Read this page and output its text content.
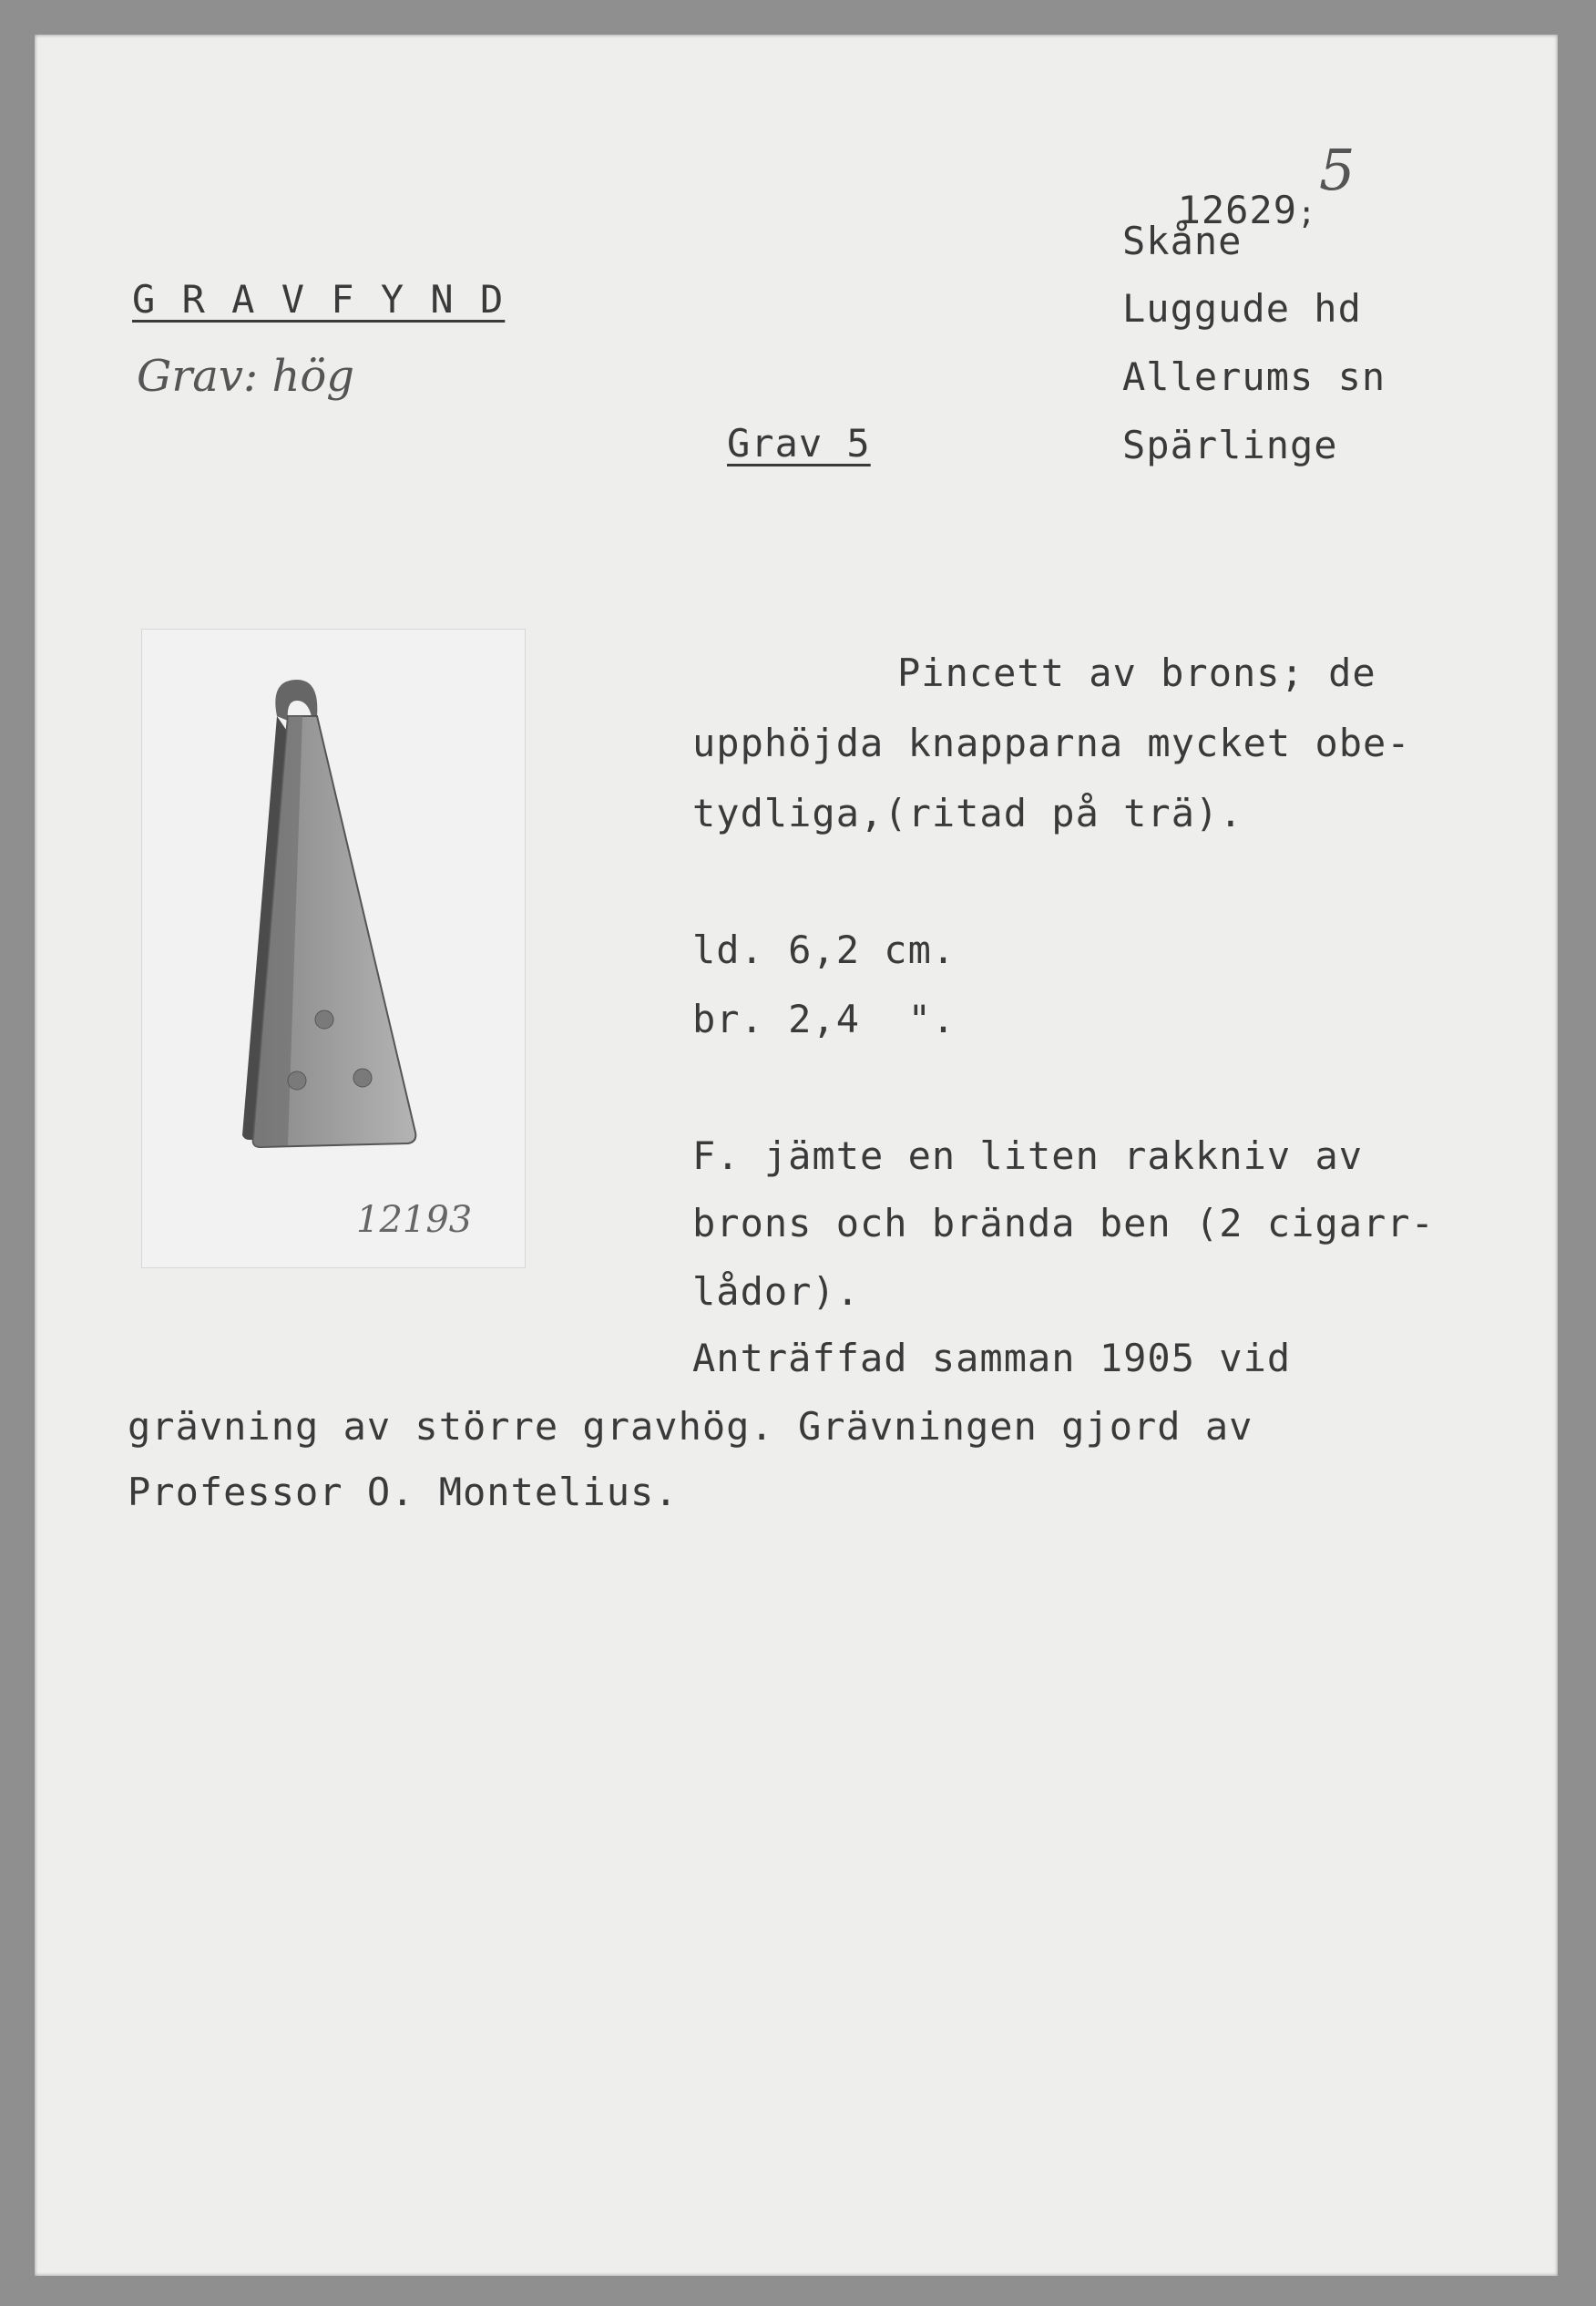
12629;

5
Skåne
Luggude hd
Allerums sn
Spärlinge
G R A V F Y N D
Grav: hög
Grav 5
12193
Pincett av brons; de
upphöjda knapparna mycket obe-
tydliga,(ritad på trä).
ld. 6,2 cm.
br. 2,4  ".
F. jämte en liten rakkniv av
brons och brända ben (2 cigarr-
lådor).
Anträffad samman 1905 vid
grävning av större gravhög. Grävningen gjord av
Professor O. Montelius.
